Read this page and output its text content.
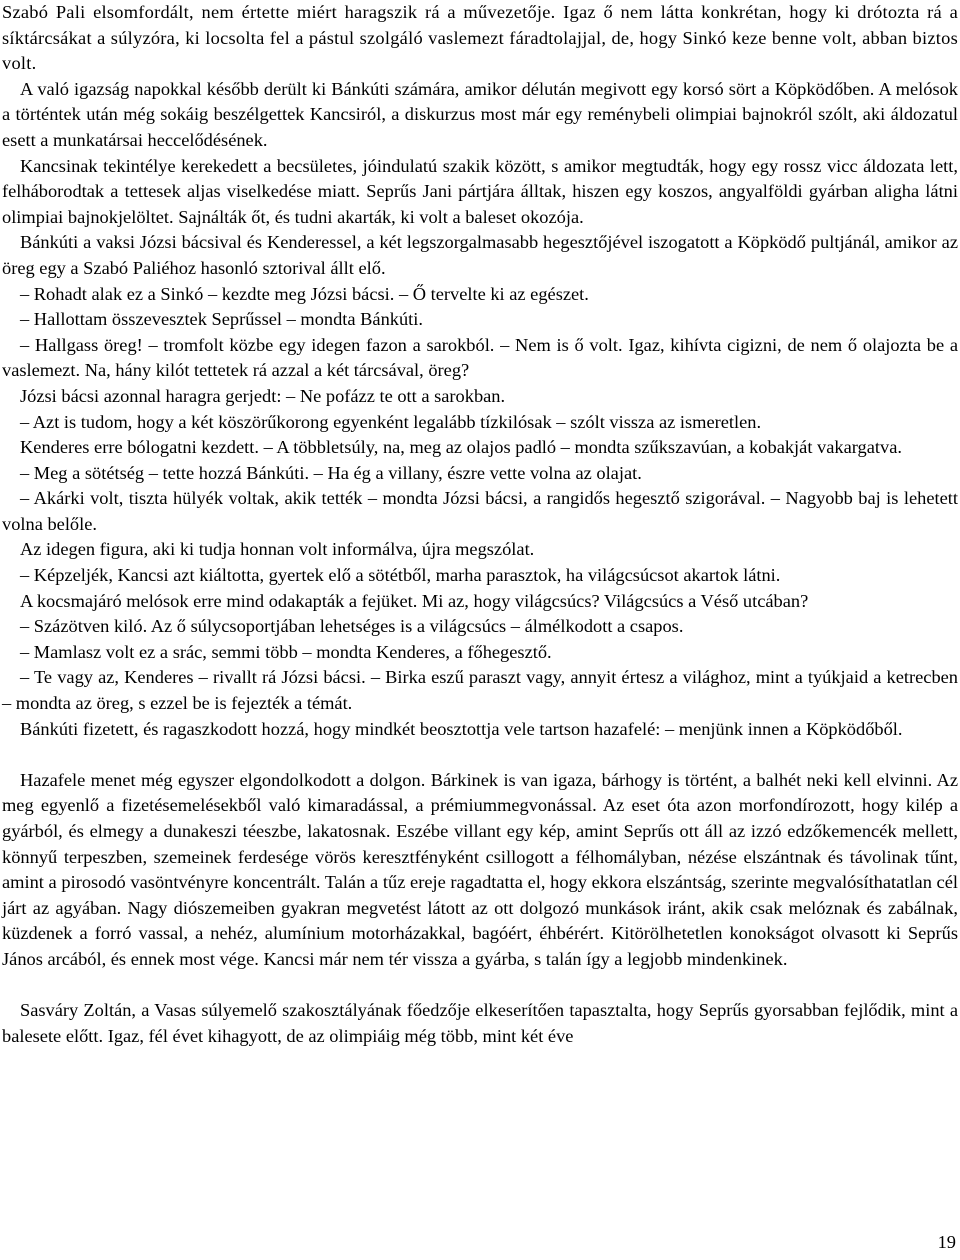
Szabó Pali elsomfordált, nem értette miért haragszik rá a művezetője. Igaz ő nem látta konkrétan, hogy ki drótozta rá a síktárcsákat a súlyzóra, ki locsolta fel a pástul szolgáló vaslemezt fáradtolajjal, de, hogy Sinkó keze benne volt, abban biztos volt.

A való igazság napokkal később derült ki Bánkúti számára, amikor délután megivott egy korsó sört a Köpködőben. A melósok a történtek után még sokáig beszélgettek Kancsiról, a diskurzus most már egy reménybeli olimpiai bajnokról szólt, aki áldozatul esett a munkatársai heccelődésének.

Kancsinak tekintélye kerekedett a becsületes, jóindulatú szakik között, s amikor megtudták, hogy egy rossz vicc áldozata lett, felháborodtak a tettesek aljas viselkedése miatt. Seprűs Jani pártjára álltak, hiszen egy koszos, angyalföldi gyárban aligha látni olimpiai bajnokjelöltet. Sajnálták őt, és tudni akarták, ki volt a baleset okozója.

Bánkúti a vaksi Józsi bácsival és Kenderessel, a két legszorgalmasabb hegesztőjével iszogatott a Köpködő pultjánál, amikor az öreg egy a Szabó Paliéhoz hasonló sztorival állt elő.

– Rohadt alak ez a Sinkó – kezdte meg Józsi bácsi. – Ő tervelte ki az egészet.

– Hallottam összevesztek Seprűssel – mondta Bánkúti.

– Hallgass öreg! – tromfolt közbe egy idegen fazon a sarokból. – Nem is ő volt. Igaz, kihívta cigizni, de nem ő olajozta be a vaslemezt. Na, hány kilót tettetek rá azzal a két tárcsával, öreg?

Józsi bácsi azonnal haragra gerjedt: – Ne pofázz te ott a sarokban.

– Azt is tudom, hogy a két köszörűkorong egyenként legalább tízkilósak – szólt vissza az ismeretlen.

Kenderes erre bólogatni kezdett. – A többletsúly, na, meg az olajos padló – mondta szűkszavúan, a kobakját vakargatva.

– Meg a sötétség – tette hozzá Bánkúti. – Ha ég a villany, észre vette volna az olajat.

– Akárki volt, tiszta hülyék voltak, akik tették – mondta Józsi bácsi, a rangidős hegesztő szigorával. – Nagyobb baj is lehetett volna belőle.

Az idegen figura, aki ki tudja honnan volt informálva, újra megszólat.

– Képzeljék, Kancsi azt kiáltotta, gyertek elő a sötétből, marha parasztok, ha világcsúcsot akartok látni.

A kocsmajáró melósok erre mind odakapták a fejüket. Mi az, hogy világcsúcs? Világcsúcs a Véső utcában?

– Százötven kiló. Az ő súlycsoportjában lehetséges is a világcsúcs – álmélkodott a csapos.

– Mamlasz volt ez a srác, semmi több – mondta Kenderes, a főhegesztő.

– Te vagy az, Kenderes – rivallt rá Józsi bácsi. – Birka eszű paraszt vagy, annyit értesz a világhoz, mint a tyúkjaid a ketrecben – mondta az öreg, s ezzel be is fejezték a témát.

Bánkúti fizetett, és ragaszkodott hozzá, hogy mindkét beosztottja vele tartson hazafelé: – menjünk innen a Köpködőből.

Hazafele menet még egyszer elgondolkodott a dolgon. Bárkinek is van igaza, bárhogy is történt, a balhét neki kell elvinni. Az meg egyenlő a fizetésemelésekből való kimaradással, a prémiummegvonással. Az eset óta azon morfondírozott, hogy kilép a gyárból, és elmegy a dunakeszi téeszbe, lakatosnak. Eszébe villant egy kép, amint Seprűs ott áll az izzó edzőkemencék mellett, könnyű terpeszben, szemeinek ferdesége vörös keresztfényként csillogott a félhomályban, nézése elszántnak és távolinak tűnt, amint a pirosodó vasöntvényre koncentrált. Talán a tűz ereje ragadtatta el, hogy ekkora elszántság, szerinte megvalósíthatatlan cél járt az agyában. Nagy diószemeiben gyakran megvetést látott az ott dolgozó munkások iránt, akik csak melóznak és zabálnak, küzdenek a forró vassal, a nehéz, alumínium motorházakkal, bagóért, éhbérért. Kitörölhetetlen konokságot olvasott ki Seprűs János arcából, és ennek most vége. Kancsi már nem tér vissza a gyárba, s talán így a legjobb mindenkinek.

Sasváry Zoltán, a Vasas súlyemelő szakosztályának főedzője elkeserítően tapasztalta, hogy Seprűs gyorsabban fejlődik, mint a balesete előtt. Igaz, fél évet kihagyott, de az olimpiáig még több, mint két éve

19
